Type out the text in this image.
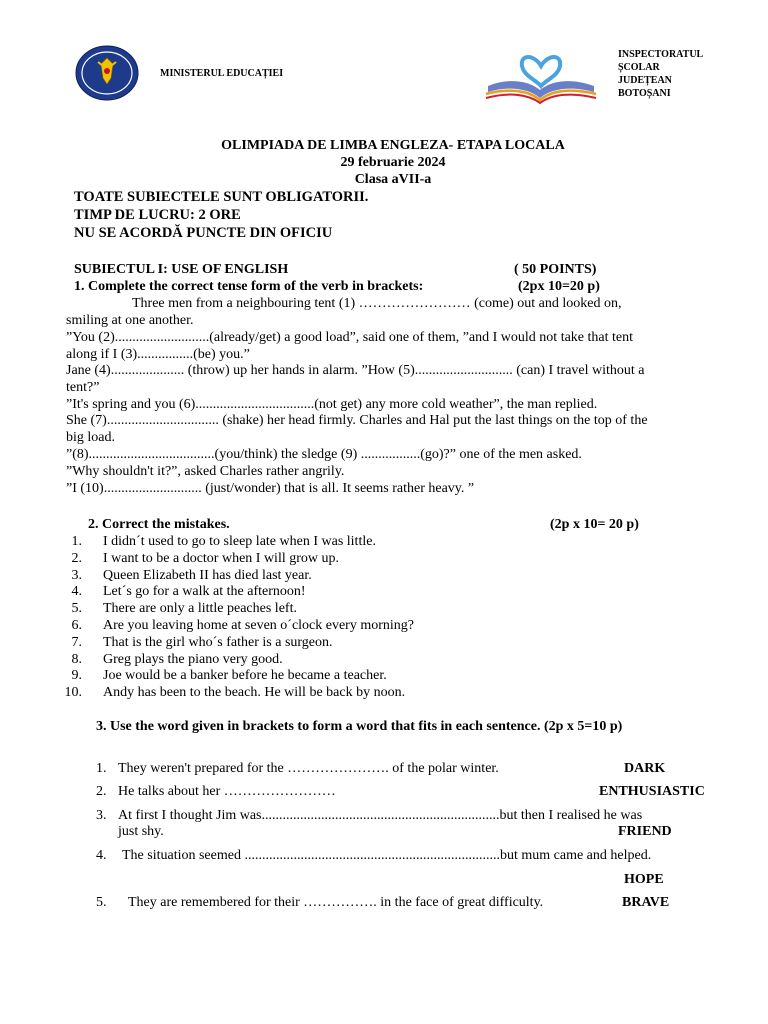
MINISTERUL EDUCAȚIEI
INSPECTORATUL
ȘCOLAR
JUDEȚEAN
BOTOȘANI
OLIMPIADA DE LIMBA ENGLEZA- ETAPA LOCALA
29 februarie 2024
Clasa aVII-a
TOATE SUBIECTELE SUNT OBLIGATORII.
TIMP DE LUCRU: 2 ORE
NU SE ACORDĂ PUNCTE DIN OFICIU
SUBIECTUL I: USE OF ENGLISH	( 50 POINTS)
1. Complete the correct tense form of the verb in brackets:	(2px 10=20 p)
Three men from a neighbouring tent (1) …………………… (come) out and looked on,
smiling at one another.
”You (2)...........................(already/get) a good load”, said one of them, ”and I would not take that tent
along if I (3)................(be) you.”
Jane (4)..................... (throw) up her hands in alarm. ”How (5)............................ (can) I travel without a
tent?”
”It's spring and you (6)..................................(not get) any more cold weather”, the man replied.
She (7)................................ (shake) her head firmly. Charles and Hal put the last things on the top of the
big load.
”(8)....................................(you/think) the sledge (9) .................(go)?” one of the men asked.
”Why shouldn't it?”, asked Charles rather angrily.
”I (10)............................ (just/wonder) that is all. It seems rather heavy. ”
2. Correct the mistakes.	(2p x 10= 20 p)
1. I didn´t used to go to sleep late when I was little.
2. I want to be a doctor when I will grow up.
3. Queen Elizabeth II has died last year.
4. Let´s go for a walk at the afternoon!
5. There are only a little peaches left.
6. Are you leaving home at seven o´clock every morning?
7. That is the girl who´s father is a surgeon.
8. Greg plays the piano very good.
9. Joe would be a banker before he became a teacher.
10. Andy has been to the beach. He will be back by noon.
3. Use the word given in brackets to form a word that fits in each sentence. (2p x 5=10 p)
1. They weren't prepared for the …………………. of the polar winter.	DARK
2. He talks about her ……………………	ENTHUSIASTIC
3. At first I thought Jim was....................................................................but then I realised he was
just shy.	FRIEND
4. The situation seemed .........................................................................but mum came and helped.
HOPE
5. They are remembered for their ……………. in the face of great difficulty.	BRAVE
